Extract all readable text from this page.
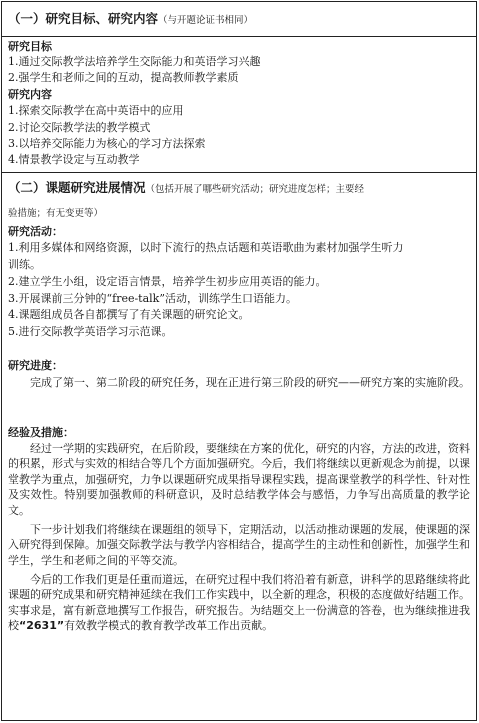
（一）研究目标、研究内容（与开题论证书相同）
研究目标
1.通过交际教学法培养学生交际能力和英语学习兴趣
2.强学生和老师之间的互动，提高教师教学素质
研究内容
1.探索交际教学在高中英语中的应用
2.讨论交际教学法的教学模式
3.以培养交际能力为核心的学习方法探索
4.情景教学设定与互动教学
（二）课题研究进展情况（包括开展了哪些研究活动；研究进度怎样；主要经
验措施；有无变更等）
研究活动：
1.利用多媒体和网络资源，以时下流行的热点话题和英语歌曲为素材加强学生听力
训练。
2.建立学生小组，设定语言情景，培养学生初步应用英语的能力。
3.开展课前三分钟的“free-talk”活动，训练学生口语能力。
4.课题组成员各自都撰写了有关课题的研究论文。
5.进行交际教学英语学习示范课。
研究进度：
完成了第一、第二阶段的研究任务，现在正进行第三阶段的研究——研究方案的实施阶段。
经验及措施：
经过一学期的实践研究，在后阶段，要继续在方案的优化，研究的内容，方法的改进，资料的积累，形式与实效的相结合等几个方面加强研究。今后，我们将继续以更新观念为前提，以课堂教学为重点，加强研究，力争以课题研究成果指导课程实践，提高课堂教学的科学性、针对性及实效性。特别要加强教师的科研意识，及时总结教学体会与感悟，力争写出高质量的教学论文。
下一步计划我们将继续在课题组的领导下，定期活动，以活动推动课题的发展，使课题的深入研究得到保障。加强交际教学法与教学内容相结合，提高学生的主动性和创新性，加强学生和学生，学生和老师之间的平等交流。
今后的工作我们更是任重而道远，在研究过程中我们将沿着有新意，讲科学的思路继续将此课题的研究成果和研究精神延续在我们工作实践中，以全新的理念，积极的态度做好结题工作。实事求是，富有新意地撰写工作报告，研究报告。为结题交上一份满意的答卷，也为继续推进我校“2631”有效教学模式的教育教学改革工作出贡献。
